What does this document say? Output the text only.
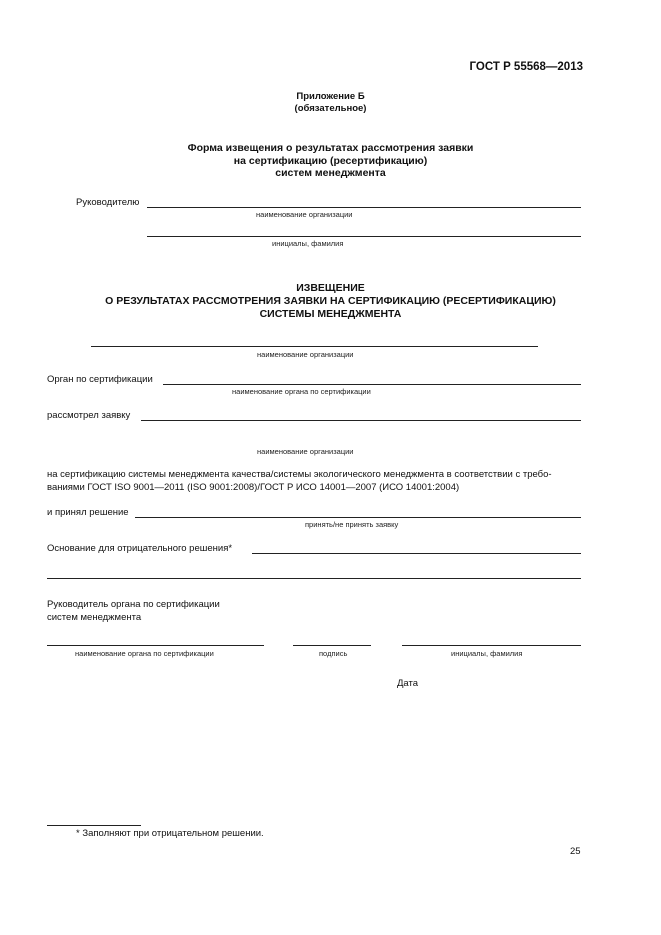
ГОСТ Р 55568—2013
Приложение Б
(обязательное)
Форма извещения о результатах рассмотрения заявки
на сертификацию (ресертификацию)
систем менеджмента
Руководителю
наименование организации
инициалы, фамилия
ИЗВЕЩЕНИЕ
О РЕЗУЛЬТАТАХ РАССМОТРЕНИЯ ЗАЯВКИ НА СЕРТИФИКАЦИЮ (РЕСЕРТИФИКАЦИЮ)
СИСТЕМЫ МЕНЕДЖМЕНТА
наименование организации
Орган по сертификации
наименование органа по сертификации
рассмотрел заявку
наименование организации
на сертификацию системы менеджмента качества/системы экологического менеджмента в соответствии с требо-
ваниями ГОСТ ISO 9001—2011 (ISO 9001:2008)/ГОСТ Р ИСО 14001—2007 (ИСО 14001:2004)
и принял решение
принять/не принять заявку
Основание для отрицательного решения*
Руководитель органа по сертификации
систем менеджмента
наименование органа по сертификации	подпись	инициалы, фамилия
Дата
* Заполняют при отрицательном решении.
25
